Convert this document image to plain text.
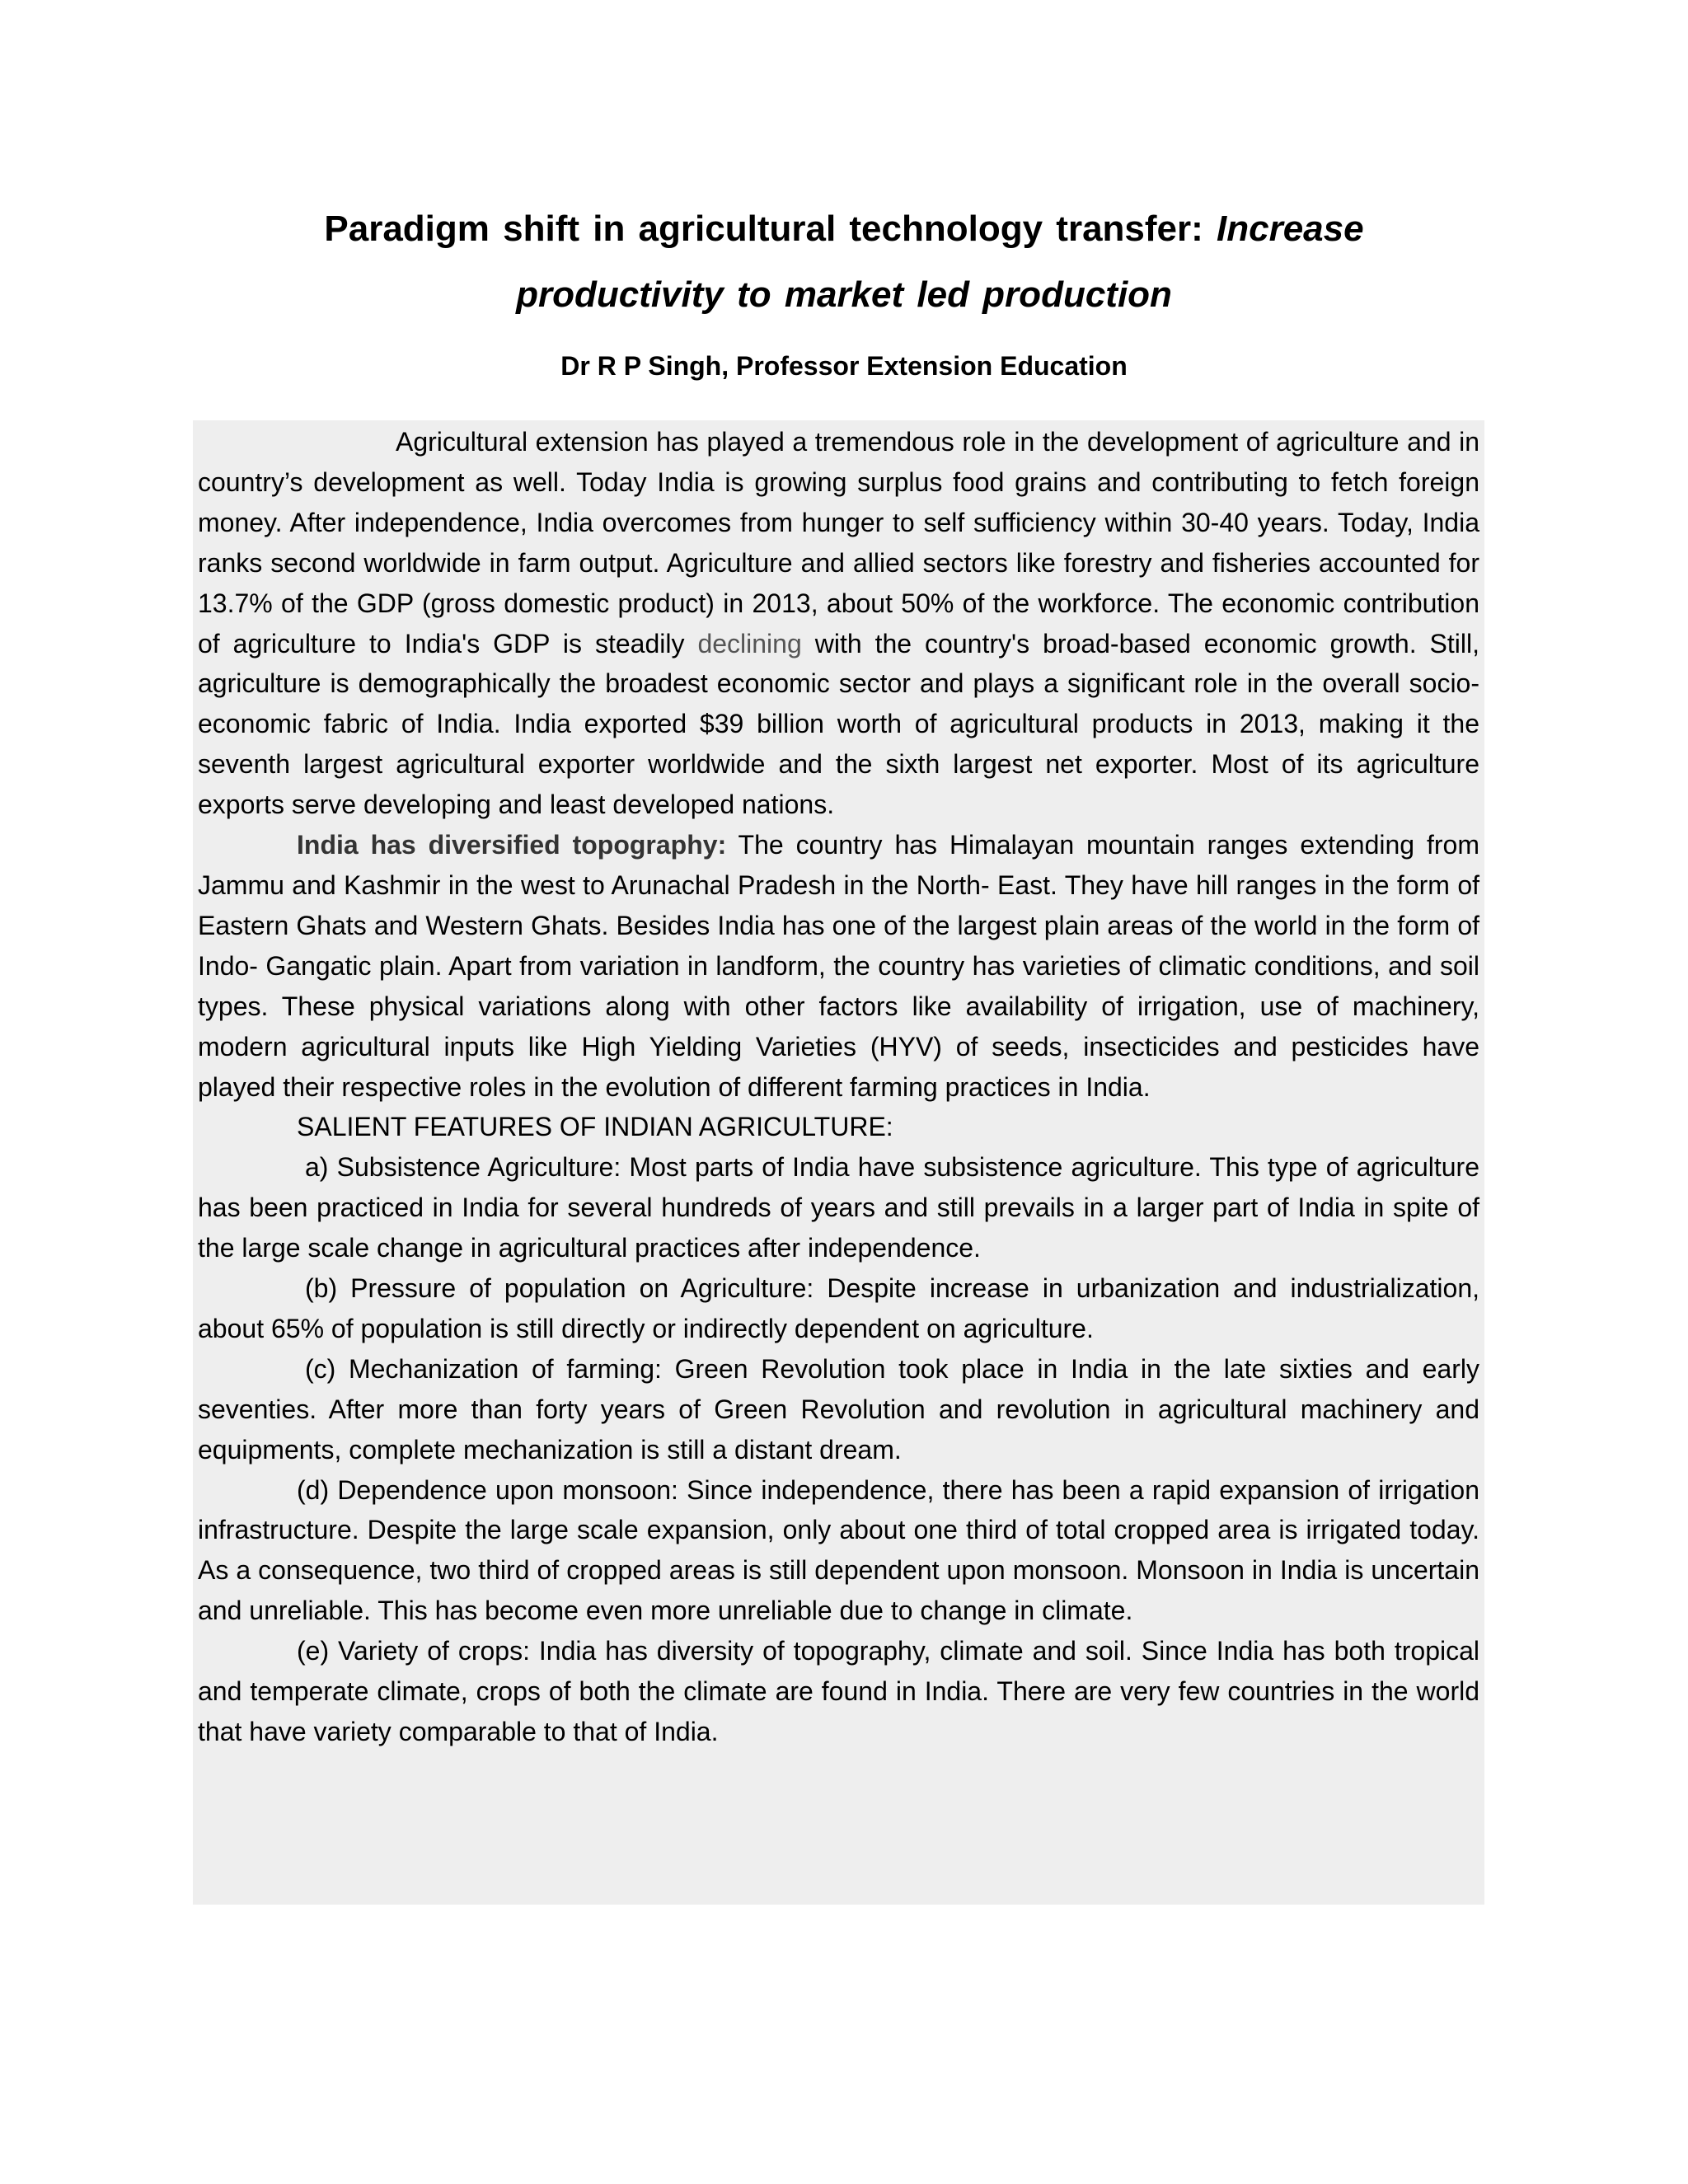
Paradigm shift in agricultural technology transfer: Increase productivity to market led production
Dr R P Singh, Professor Extension Education

Agricultural extension has played a tremendous role in the development of agriculture and in country’s development as well. Today India is growing surplus food grains and contributing to fetch foreign money. After independence, India overcomes from hunger to self sufficiency within 30-40 years. Today, India ranks second worldwide in farm output. Agriculture and allied sectors like forestry and fisheries accounted for 13.7% of the GDP (gross domestic product) in 2013, about 50% of the workforce. The economic contribution of agriculture to India's GDP is steadily declining with the country's broad-based economic growth. Still, agriculture is demographically the broadest economic sector and plays a significant role in the overall socio-economic fabric of India. India exported $39 billion worth of agricultural products in 2013, making it the seventh largest agricultural exporter worldwide and the sixth largest net exporter. Most of its agriculture exports serve developing and least developed nations.

India has diversified topography: The country has Himalayan mountain ranges extending from Jammu and Kashmir in the west to Arunachal Pradesh in the North- East. They have hill ranges in the form of Eastern Ghats and Western Ghats. Besides India has one of the largest plain areas of the world in the form of Indo- Gangatic plain. Apart from variation in landform, the country has varieties of climatic conditions, and soil types. These physical variations along with other factors like availability of irrigation, use of machinery, modern agricultural inputs like High Yielding Varieties (HYV) of seeds, insecticides and pesticides have played their respective roles in the evolution of different farming practices in India.

SALIENT FEATURES OF INDIAN AGRICULTURE:

a) Subsistence Agriculture: Most parts of India have subsistence agriculture. This type of agriculture has been practiced in India for several hundreds of years and still prevails in a larger part of India in spite of the large scale change in agricultural practices after independence.

(b) Pressure of population on Agriculture: Despite increase in urbanization and industrialization, about 65% of population is still directly or indirectly dependent on agriculture.

(c) Mechanization of farming: Green Revolution took place in India in the late sixties and early seventies. After more than forty years of Green Revolution and revolution in agricultural machinery and equipments, complete mechanization is still a distant dream.

(d) Dependence upon monsoon: Since independence, there has been a rapid expansion of irrigation infrastructure. Despite the large scale expansion, only about one third of total cropped area is irrigated today. As a consequence, two third of cropped areas is still dependent upon monsoon. Monsoon in India is uncertain and unreliable. This has become even more unreliable due to change in climate.

(e) Variety of crops: India has diversity of topography, climate and soil. Since India has both tropical and temperate climate, crops of both the climate are found in India. There are very few countries in the world that have variety comparable to that of India.
